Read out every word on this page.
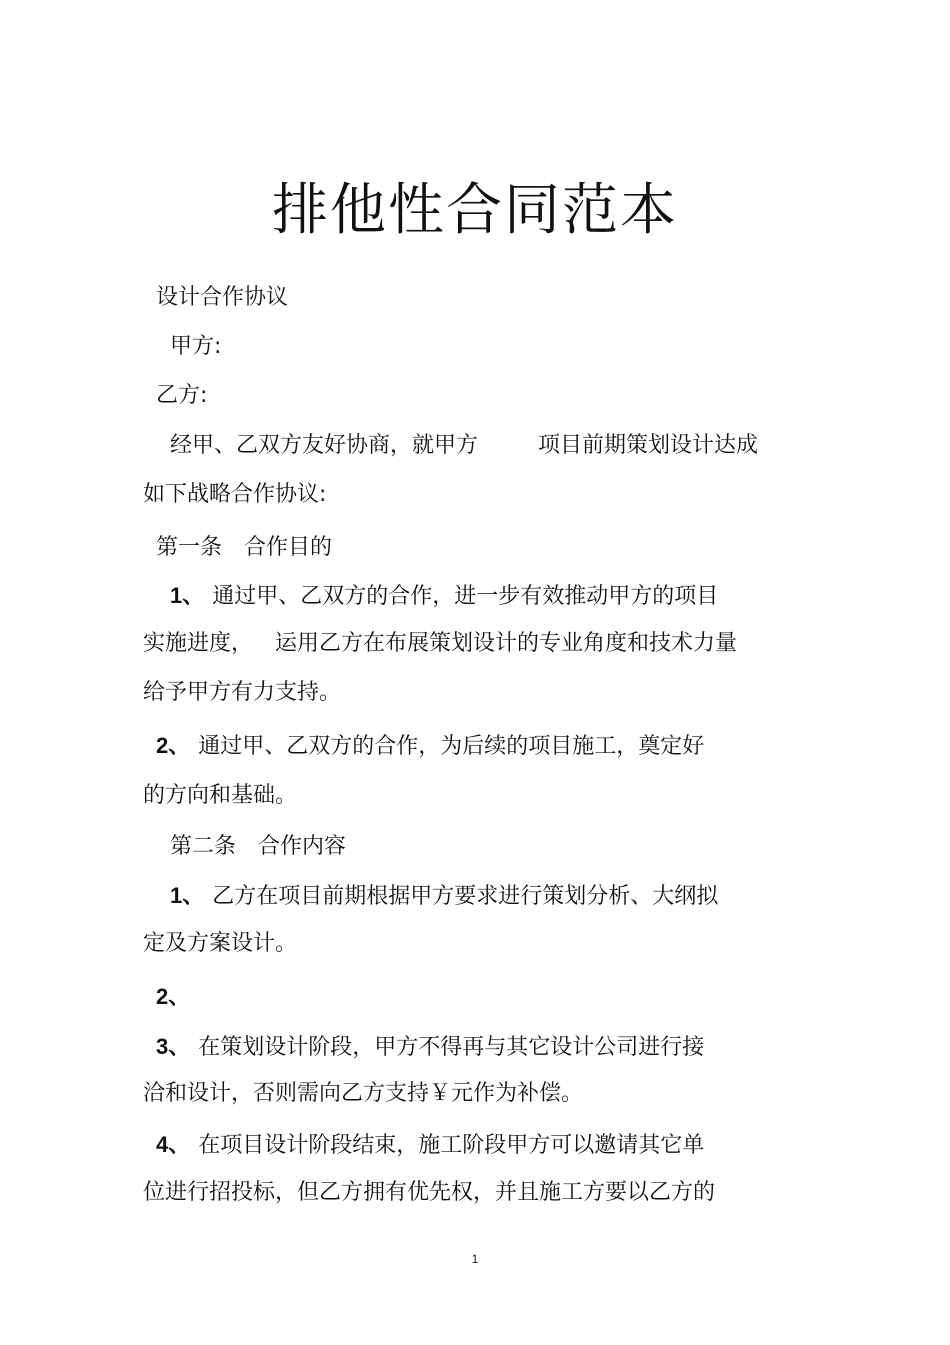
排他性合同范本
设计合作协议
甲方:
乙方:
经甲、乙双方友好协商，就甲方	项目前期策划设计达成
如下战略合作协议:
第一条 合作目的
1、 通过甲、乙双方的合作，进一步有效推动甲方的项目
实施进度， 运用乙方在布展策划设计的专业角度和技术力量
给予甲方有力支持。
2、 通过甲、乙双方的合作，为后续的项目施工，奠定好
的方向和基础。
第二条 合作内容
1、 乙方在项目前期根据甲方要求进行策划分析、大纲拟
定及方案设计。
2、
3、 在策划设计阶段，甲方不得再与其它设计公司进行接
洽和设计，否则需向乙方支持￥元作为补偿。
4、 在项目设计阶段结束，施工阶段甲方可以邀请其它单
位进行招投标，但乙方拥有优先权，并且施工方要以乙方的
1
